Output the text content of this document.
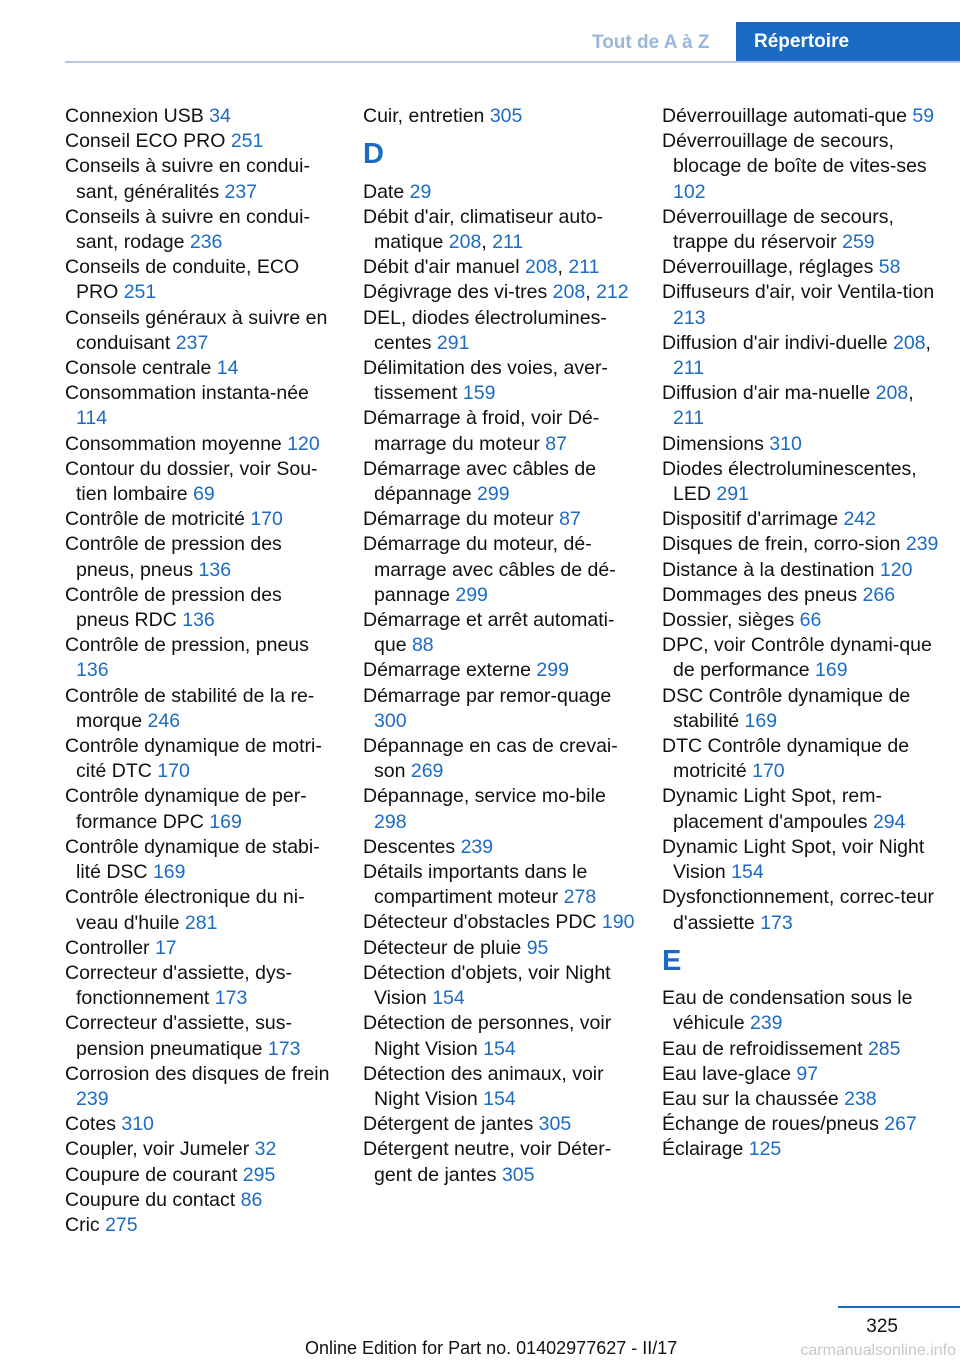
Tout de A à Z	Répertoire
Connexion USB 34
Conseil ECO PRO 251
Conseils à suivre en condui-sant, généralités 237
Conseils à suivre en condui-sant, rodage 236
Conseils de conduite, ECO PRO 251
Conseils généraux à suivre en conduisant 237
Console centrale 14
Consommation instanta-née 114
Consommation moyenne 120
Contour du dossier, voir Sou-tien lombaire 69
Contrôle de motricité 170
Contrôle de pression des pneus, pneus 136
Contrôle de pression des pneus RDC 136
Contrôle de pression, pneus 136
Contrôle de stabilité de la re-morque 246
Contrôle dynamique de motri-cité DTC 170
Contrôle dynamique de per-formance DPC 169
Contrôle dynamique de stabi-lité DSC 169
Contrôle électronique du ni-veau d'huile 281
Controller 17
Correcteur d'assiette, dys-fonctionnement 173
Correcteur d'assiette, sus-pension pneumatique 173
Corrosion des disques de frein 239
Cotes 310
Coupler, voir Jumeler 32
Coupure de courant 295
Coupure du contact 86
Cric 275
Cuir, entretien 305
D
Date 29
Débit d'air, climatiseur auto-matique 208, 211
Débit d'air manuel 208, 211
Dégivrage des vi-tres 208, 212
DEL, diodes électrolumines-centes 291
Délimitation des voies, aver-tissement 159
Démarrage à froid, voir Dé-marrage du moteur 87
Démarrage avec câbles de dépannage 299
Démarrage du moteur 87
Démarrage du moteur, dé-marrage avec câbles de dé-pannage 299
Démarrage et arrêt automati-que 88
Démarrage externe 299
Démarrage par remor-quage 300
Dépannage en cas de crevai-son 269
Dépannage, service mo-bile 298
Descentes 239
Détails importants dans le compartiment moteur 278
Détecteur d'obstacles PDC 190
Détecteur de pluie 95
Détection d'objets, voir Night Vision 154
Détection de personnes, voir Night Vision 154
Détection des animaux, voir Night Vision 154
Détergent de jantes 305
Détergent neutre, voir Déter-gent de jantes 305
Déverrouillage automati-que 59
Déverrouillage de secours, blocage de boîte de vites-ses 102
Déverrouillage de secours, trappe du réservoir 259
Déverrouillage, réglages 58
Diffuseurs d'air, voir Ventila-tion 213
Diffusion d'air indivi-duelle 208, 211
Diffusion d'air ma-nuelle 208, 211
Dimensions 310
Diodes électroluminescentes, LED 291
Dispositif d'arrimage 242
Disques de frein, corro-sion 239
Distance à la destination 120
Dommages des pneus 266
Dossier, sièges 66
DPC, voir Contrôle dynami-que de performance 169
DSC Contrôle dynamique de stabilité 169
DTC Contrôle dynamique de motricité 170
Dynamic Light Spot, rem-placement d'ampoules 294
Dynamic Light Spot, voir Night Vision 154
Dysfonctionnement, correc-teur d'assiette 173
E
Eau de condensation sous le véhicule 239
Eau de refroidissement 285
Eau lave-glace 97
Eau sur la chaussée 238
Échange de roues/pneus 267
Éclairage 125
325
Online Edition for Part no. 01402977627 - II/17	carmanualsonline.info
